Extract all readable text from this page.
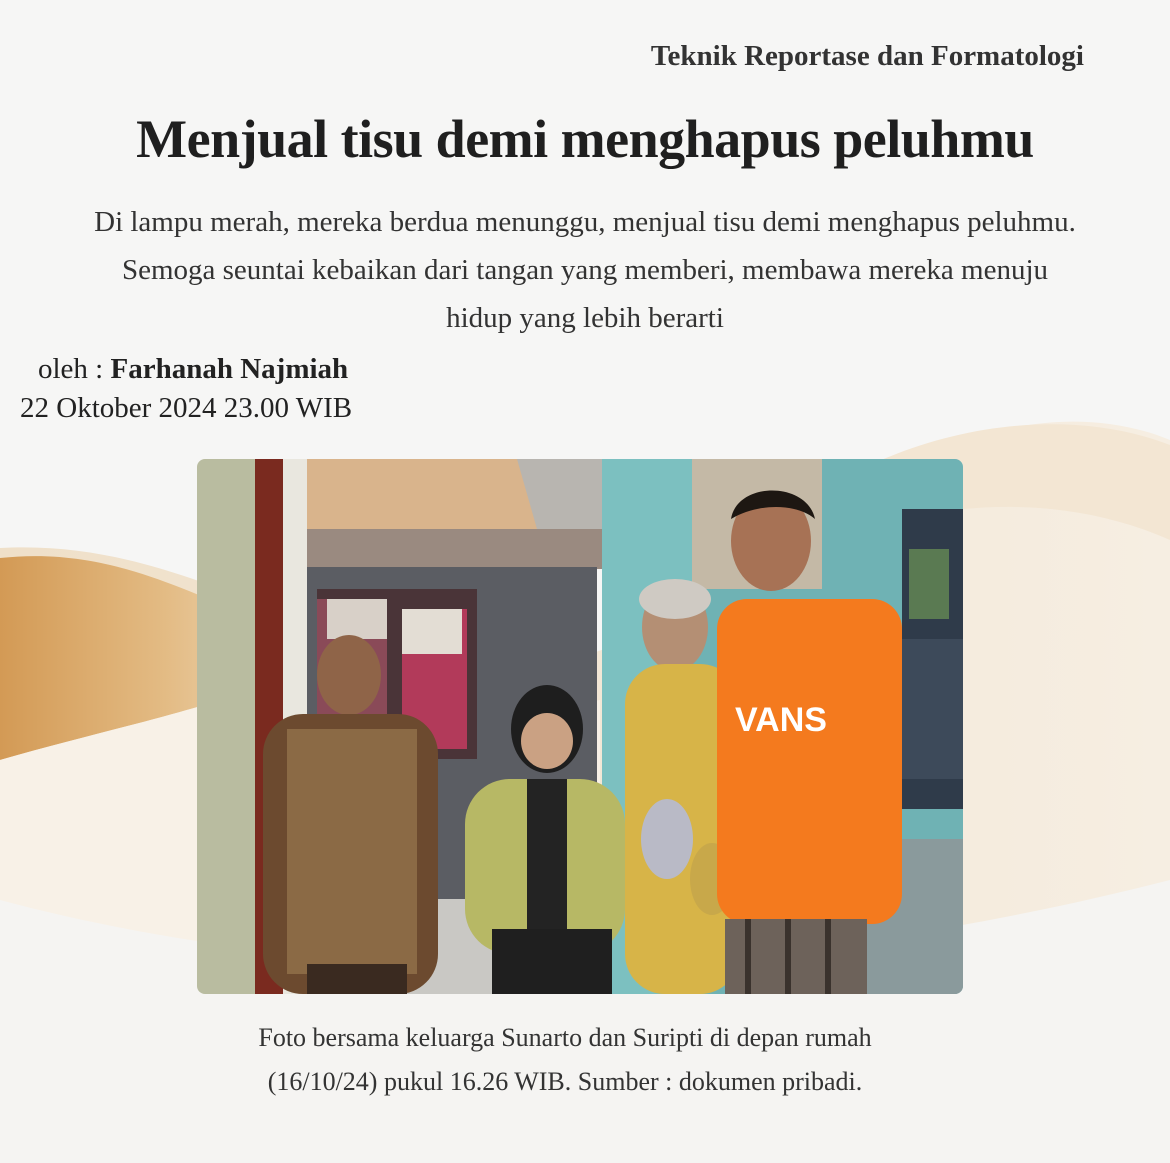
Teknik Reportase dan Formatologi
Menjual tisu demi menghapus peluhmu
Di lampu merah, mereka berdua menunggu, menjual tisu demi menghapus peluhmu.
Semoga seuntai kebaikan dari tangan yang memberi, membawa mereka menuju
hidup yang lebih berarti
oleh : Farhanah Najmiah
22 Oktober 2024 23.00 WIB
VANS
Foto bersama keluarga Sunarto dan Suripti di depan rumah
(16/10/24) pukul 16.26 WIB. Sumber : dokumen pribadi.
